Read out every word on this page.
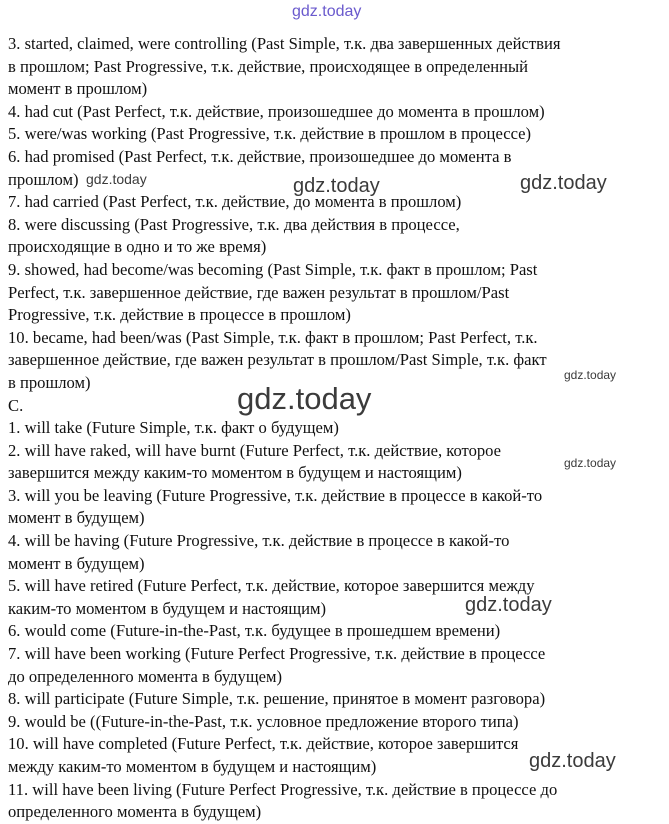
gdz.today
3. started, claimed, were controlling (Past Simple, т.к. два завершенных действия
в прошлом; Past Progressive, т.к. действие, происходящее в определенный
момент в прошлом)
4. had cut (Past Perfect, т.к. действие, произошедшее до момента в прошлом)
5. were/was working (Past Progressive, т.к. действие в прошлом в процессе)
6. had promised (Past Perfect, т.к. действие, произошедшее до момента в
прошлом)
7. had carried (Past Perfect, т.к. действие, до момента в прошлом)
8. were discussing (Past Progressive, т.к. два действия в процессе,
происходящие в одно и то же время)
9. showed, had become/was becoming (Past Simple, т.к. факт в прошлом; Past
Perfect, т.к. завершенное действие, где важен результат в прошлом/Past
Progressive, т.к. действие в процессе в прошлом)
10. became, had been/was (Past Simple, т.к. факт в прошлом; Past Perfect, т.к.
завершенное действие, где важен результат в прошлом/Past Simple, т.к. факт
в прошлом)
C.
1. will take (Future Simple, т.к. факт о будущем)
2. will have raked, will have burnt (Future Perfect, т.к. действие, которое
завершится между каким-то моментом в будущем и настоящим)
3. will you be leaving (Future Progressive, т.к. действие в процессе в какой-то
момент в будущем)
4. will be having (Future Progressive, т.к. действие в процессе в какой-то
момент в будущем)
5. will have retired (Future Perfect, т.к. действие, которое завершится между
каким-то моментом в будущем и настоящим)
6. would come (Future-in-the-Past, т.к. будущее в прошедшем времени)
7. will have been working (Future Perfect Progressive, т.к. действие в процессе
до определенного момента в будущем)
8. will participate (Future Simple, т.к. решение, принятое в момент разговора)
9. would be ((Future-in-the-Past, т.к. условное предложение второго типа)
10. will have completed (Future Perfect, т.к. действие, которое завершится
между каким-то моментом в будущем и настоящим)
11. will have been living (Future Perfect Progressive, т.к. действие в процессе до
определенного момента в будущем)
gdz.today	gdz.today	gdz.today
gdz.today
gdz.today
gdz.today
gdz.today
gdz.today
